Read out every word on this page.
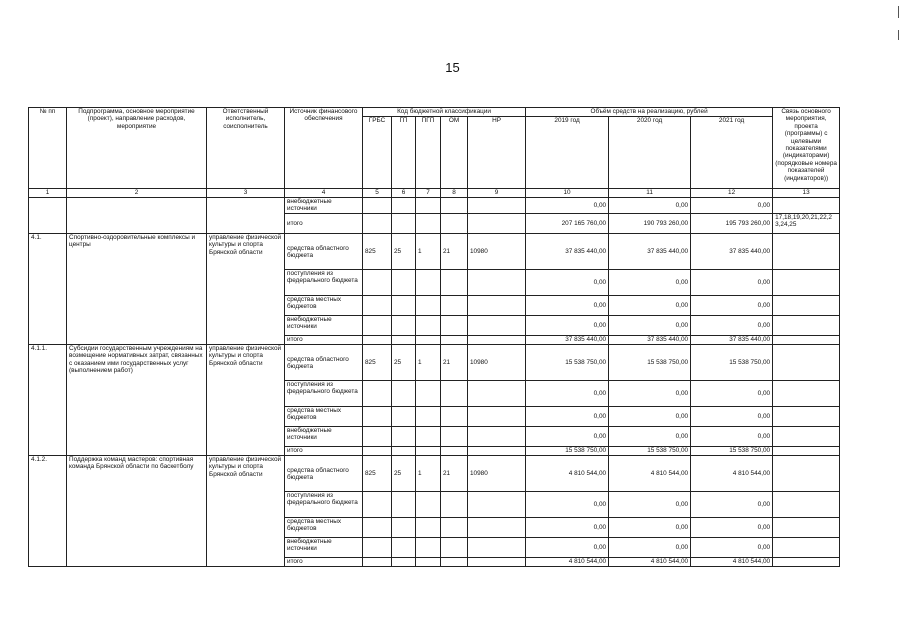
15
№ пп	Подпрограмма, основное мероприятие (проект), направление расходов, мероприятие	Ответственный исполнитель, соисполнитель	Источник финансового обеспечения	Код бюджетной классификации					Объём средств на реализацию, рублей			Связь основного мероприятия, проекта (программы) с целевыми показателями (индикаторами) (порядковые номера показателей (индикаторов))
				ГРБС	ГП	ПГП	ОМ	НР	2019 год	2020 год	2021 год	
1	2	3	4	5	6	7	8	9	10	11	12	13
			внебюджетные источники						0,00	0,00	0,00	
			итого						207 165 760,00	190 793 260,00	195 793 260,00	17,18,19,20,21,22,23,24,25
4.1.	Спортивно-оздоровительные комплексы и центры	управление физической культуры и спорта Брянской области	средства областного бюджета	825	25	1	21	10980	37 835 440,00	37 835 440,00	37 835 440,00	
			поступления из федерального бюджета						0,00	0,00	0,00	
			средства местных бюджетов						0,00	0,00	0,00	
			внебюджетные источники						0,00	0,00	0,00	
			итого						37 835 440,00	37 835 440,00	37 835 440,00	
4.1.1.	Субсидии государственным учреждениям на возмещение нормативных затрат, связанных с оказанием ими государственных услуг (выполнением работ)	управление физической культуры и спорта Брянской области	средства областного бюджета	825	25	1	21	10980	15 538 750,00	15 538 750,00	15 538 750,00	
			поступления из федерального бюджета						0,00	0,00	0,00	
			средства местных бюджетов						0,00	0,00	0,00	
			внебюджетные источники						0,00	0,00	0,00	
			итого						15 538 750,00	15 538 750,00	15 538 750,00	
4.1.2.	Поддержка команд мастеров: спортивная команда Брянской области по баскетболу	управление физической культуры и спорта Брянской области	средства областного бюджета	825	25	1	21	10980	4 810 544,00	4 810 544,00	4 810 544,00	
			поступления из федерального бюджета						0,00	0,00	0,00	
			средства местных бюджетов						0,00	0,00	0,00	
			внебюджетные источники						0,00	0,00	0,00	
			итого						4 810 544,00	4 810 544,00	4 810 544,00	
